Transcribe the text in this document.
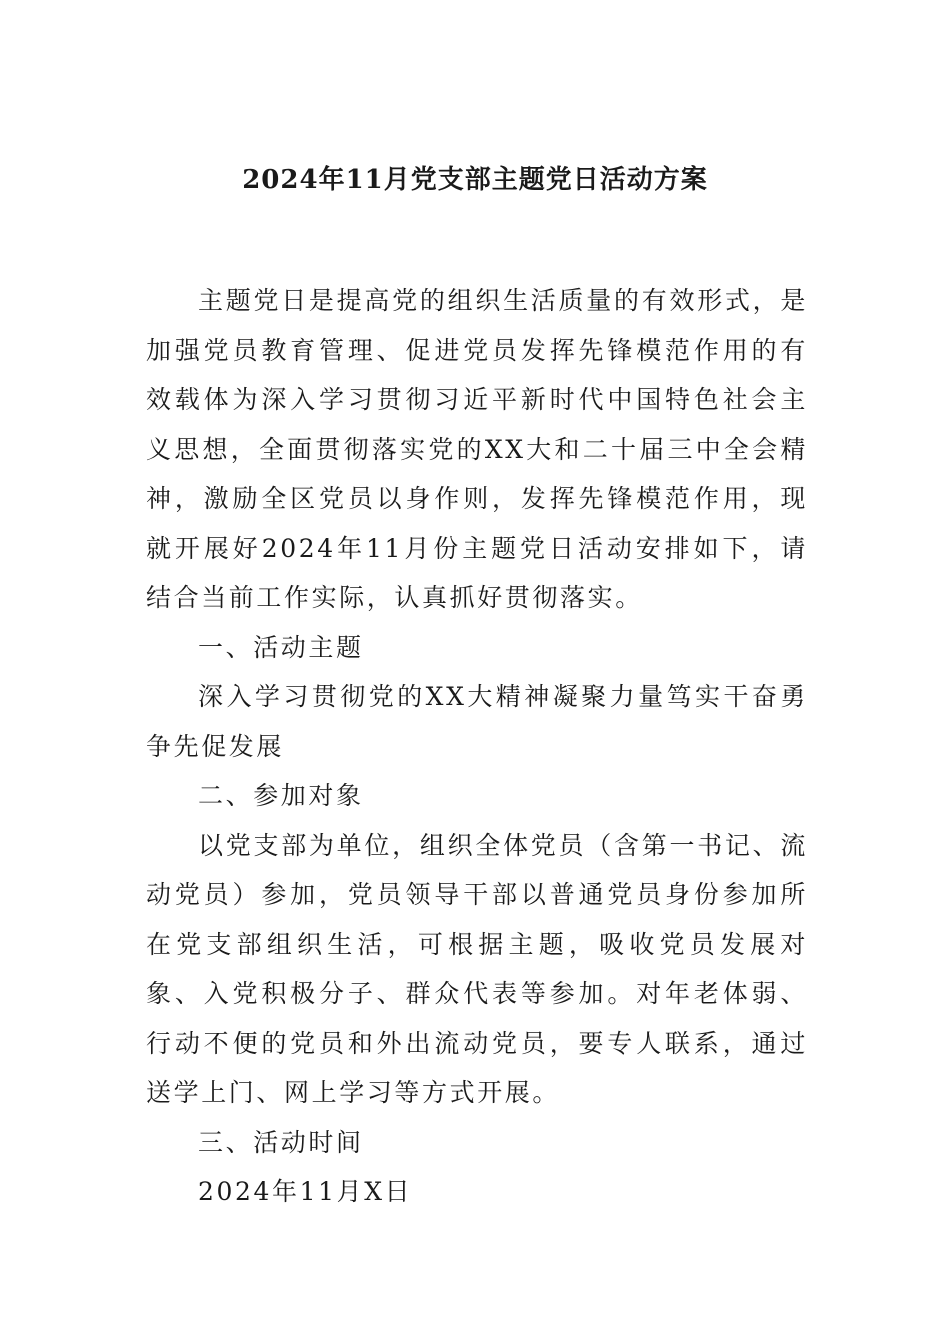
2024年11月党支部主题党日活动方案

主题党日是提高党的组织生活质量的有效形式，是加强党员教育管理、促进党员发挥先锋模范作用的有效载体为深入学习贯彻习近平新时代中国特色社会主义思想，全面贯彻落实党的XX大和二十届三中全会精神，激励全区党员以身作则，发挥先锋模范作用，现就开展好2024年11月份主题党日活动安排如下，请结合当前工作实际，认真抓好贯彻落实。

一、活动主题

深入学习贯彻党的XX大精神凝聚力量笃实干奋勇争先促发展

二、参加对象

以党支部为单位，组织全体党员（含第一书记、流动党员）参加，党员领导干部以普通党员身份参加所在党支部组织生活，可根据主题，吸收党员发展对象、入党积极分子、群众代表等参加。对年老体弱、行动不便的党员和外出流动党员，要专人联系，通过送学上门、网上学习等方式开展。

三、活动时间

2024年11月X日
